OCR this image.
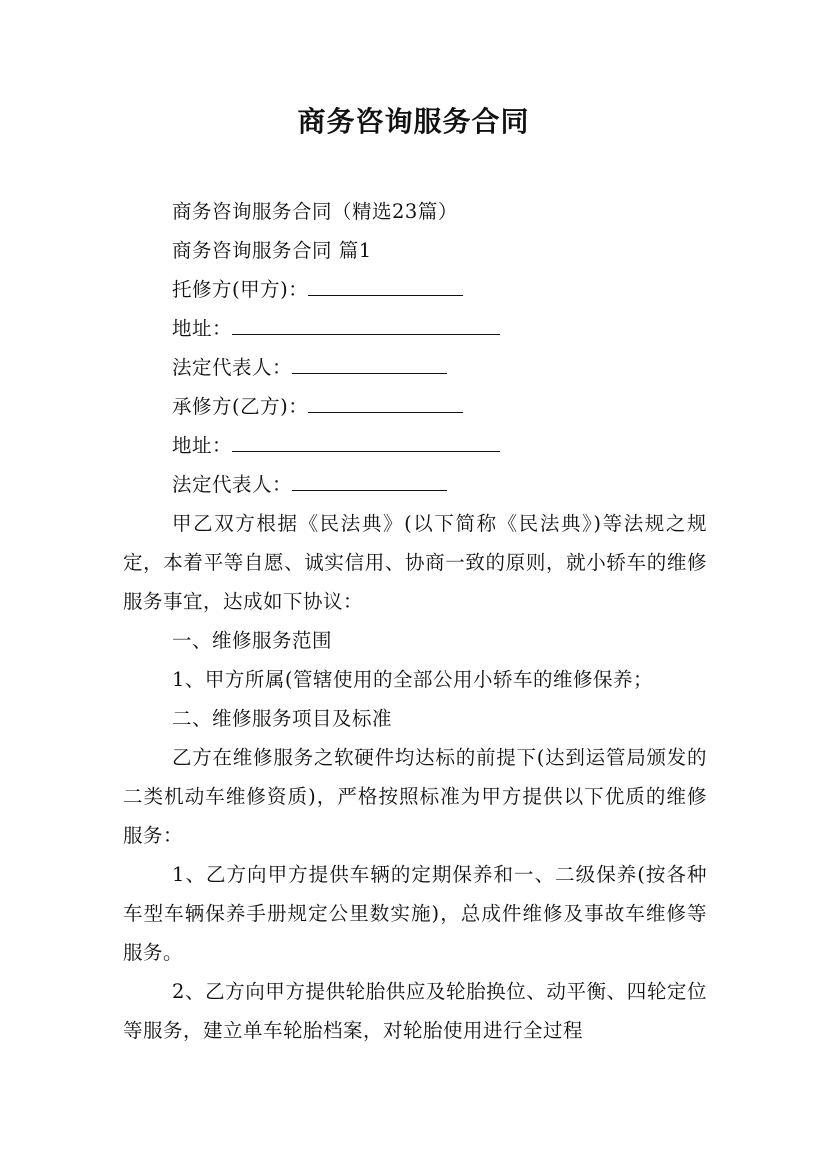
商务咨询服务合同

商务咨询服务合同（精选23篇）

商务咨询服务合同 篇1

托修方(甲方)：

地址：

法定代表人：

承修方(乙方)：

地址：

法定代表人：

甲乙双方根据《民法典》(以下简称《民法典》)等法规之规定，本着平等自愿、诚实信用、协商一致的原则，就小轿车的维修服务事宜，达成如下协议：

一、维修服务范围

1、甲方所属(管辖使用的全部公用小轿车的维修保养；

二、维修服务项目及标准

乙方在维修服务之软硬件均达标的前提下(达到运管局颁发的二类机动车维修资质)，严格按照标准为甲方提供以下优质的维修服务：

1、乙方向甲方提供车辆的定期保养和一、二级保养(按各种车型车辆保养手册规定公里数实施)，总成件维修及事故车维修等服务。

2、乙方向甲方提供轮胎供应及轮胎换位、动平衡、四轮定位等服务，建立单车轮胎档案，对轮胎使用进行全过程
